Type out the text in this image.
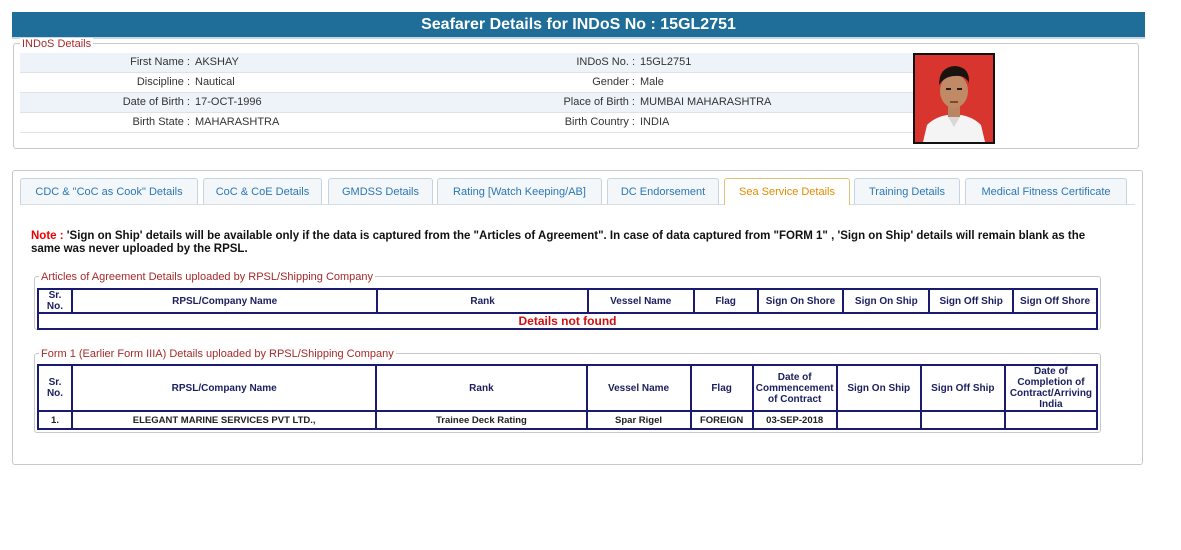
Seafarer Details for INDoS No : 15GL2751
INDoS Details
First Name : AKSHAY	INDoS No. : 15GL2751
Discipline : Nautical	Gender : Male
Date of Birth : 17-OCT-1996	Place of Birth : MUMBAI MAHARASHTRA
Birth State : MAHARASHTRA	Birth Country : INDIA
CDC & "CoC as Cook" Details	CoC & CoE Details	GMDSS Details	Rating [Watch Keeping/AB]	DC Endorsement	Sea Service Details	Training Details	Medical Fitness Certificate
Note : 'Sign on Ship' details will be available only if the data is captured from the "Articles of Agreement". In case of data captured from "FORM 1" , 'Sign on Ship' details will remain blank as the same was never uploaded by the RPSL.
Articles of Agreement Details uploaded by RPSL/Shipping Company
Sr. No.	RPSL/Company Name	Rank	Vessel Name	Flag	Sign On Shore	Sign On Ship	Sign Off Ship	Sign Off Shore
Details not found
Form 1 (Earlier Form IIIA) Details uploaded by RPSL/Shipping Company
Sr. No.	RPSL/Company Name	Rank	Vessel Name	Flag	Date of Commencement of Contract	Sign On Ship	Sign Off Ship	Date of Completion of Contract/Arriving India
1.	ELEGANT MARINE SERVICES PVT LTD.,	Trainee Deck Rating	Spar Rigel	FOREIGN	03-SEP-2018			
